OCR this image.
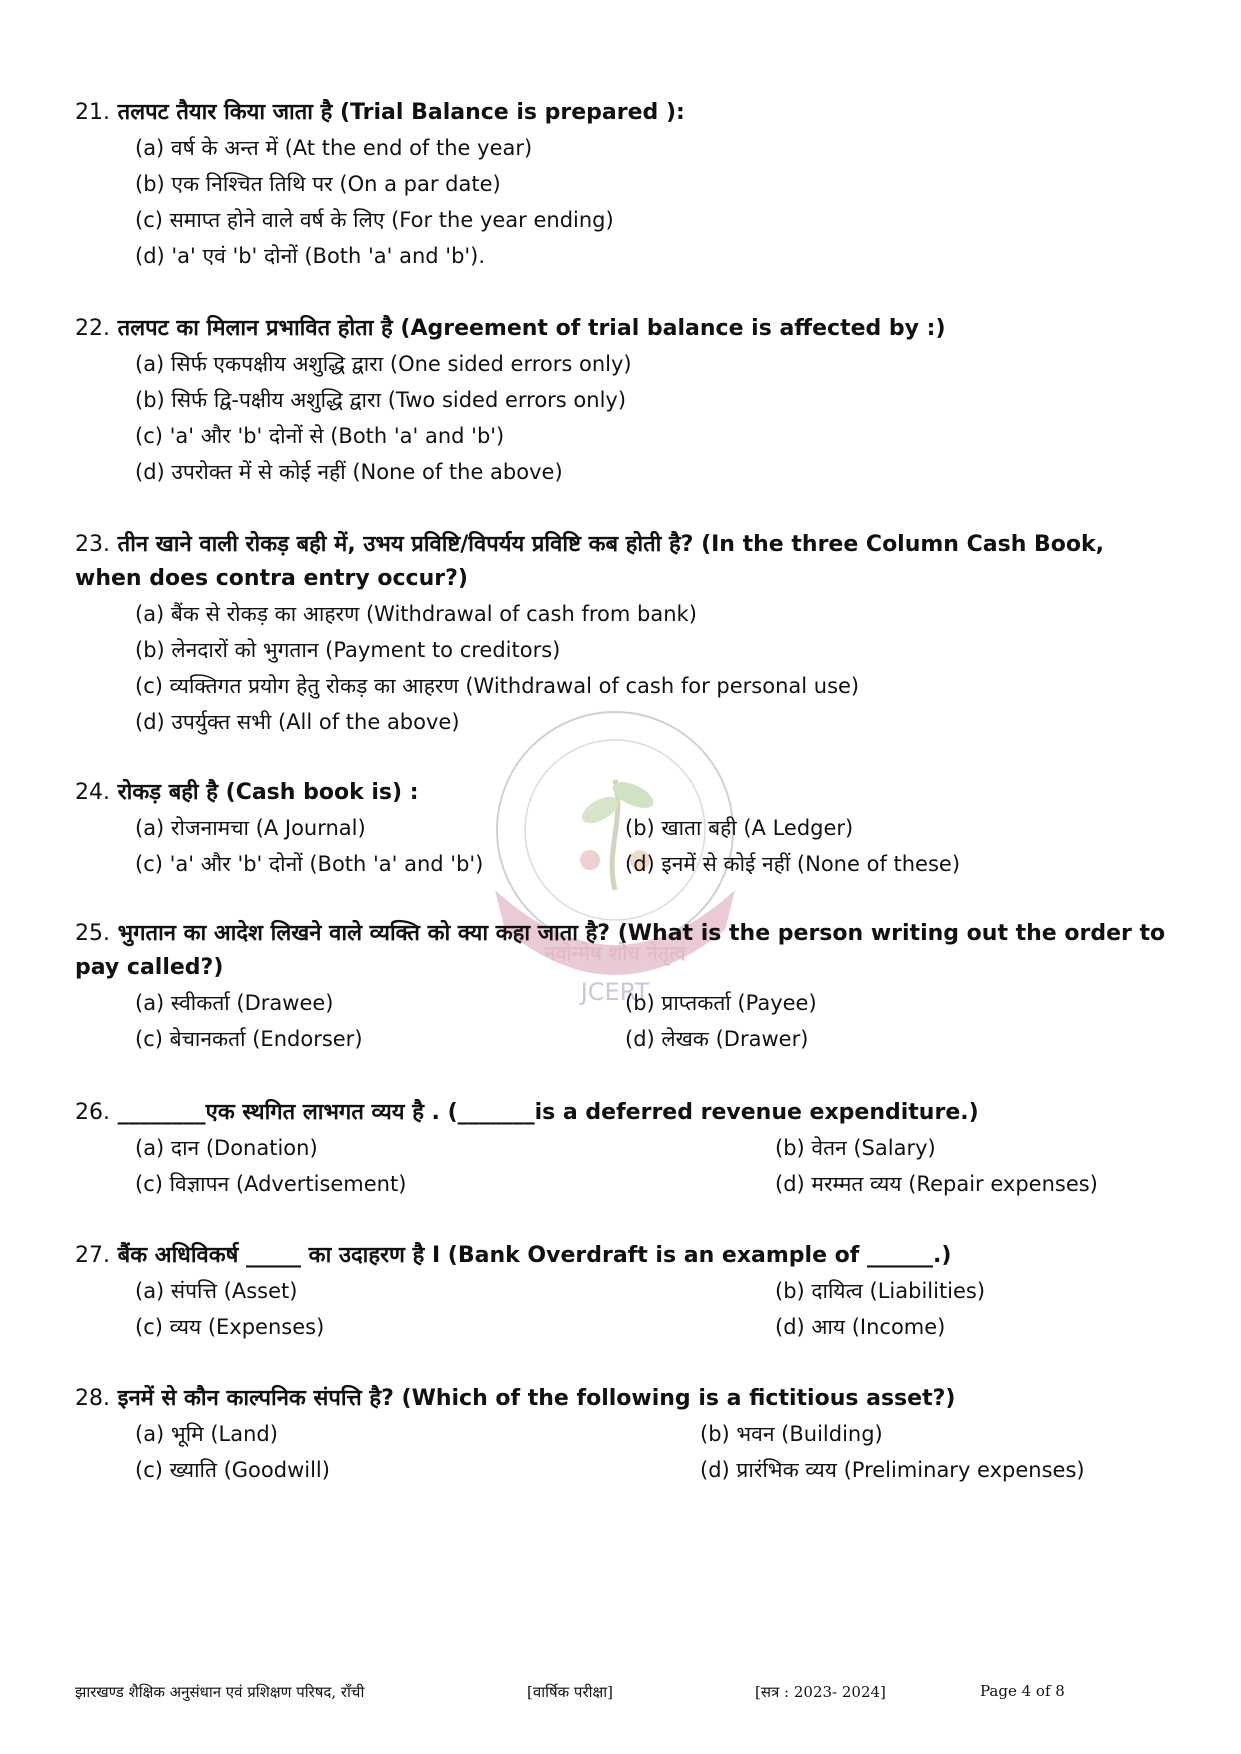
नवोन्मेष शोध नेतृत्व
JCERT
21. तलपट तैयार किया जाता है (Trial Balance is prepared ):
(a) वर्ष के अन्त में (At the end of the year)
(b) एक निश्चित तिथि पर (On a par date)
(c) समाप्त होने वाले वर्ष के लिए (For the year ending)
(d) 'a' एवं 'b' दोनों (Both 'a' and 'b').
22. तलपट का मिलान प्रभावित होता है (Agreement of trial balance is affected by :)
(a) सिर्फ एकपक्षीय अशुद्धि द्वारा (One sided errors only)
(b) सिर्फ द्वि-पक्षीय अशुद्धि द्वारा (Two sided errors only)
(c) 'a' और 'b' दोनों से (Both 'a' and 'b')
(d) उपरोक्त में से कोई नहीं (None of the above)
23. तीन खाने वाली रोकड़ बही में, उभय प्रविष्टि/विपर्यय प्रविष्टि कब होती है? (In the three Column Cash Book, when does contra entry occur?)
(a) बैंक से रोकड़ का आहरण (Withdrawal of cash from bank)
(b) लेनदारों को भुगतान (Payment to creditors)
(c) व्यक्तिगत प्रयोग हेतु रोकड़ का आहरण (Withdrawal of cash for personal use)
(d) उपर्युक्त सभी (All of the above)
24. रोकड़ बही है (Cash book is) :
(a) रोजनामचा (A Journal)	(b) खाता बही (A Ledger)
(c) 'a' और 'b' दोनों (Both 'a' and 'b')	(d) इनमें से कोई नहीं (None of these)
25. भुगतान का आदेश लिखने वाले व्यक्ति को क्या कहा जाता है? (What is the person writing out the order to pay called?)
(a) स्वीकर्ता (Drawee)	(b) प्राप्तकर्ता (Payee)
(c) बेचानकर्ता (Endorser)	(d) लेखक (Drawer)
26. ________एक स्थगित लाभगत व्यय है . (_______is a deferred revenue expenditure.)
(a) दान (Donation)	(b) वेतन (Salary)
(c) विज्ञापन (Advertisement)	(d) मरम्मत व्यय (Repair expenses)
27. बैंक अधिविकर्ष _____ का उदाहरण है I (Bank Overdraft is an example of ______.)
(a) संपत्ति (Asset)	(b) दायित्व (Liabilities)
(c) व्यय (Expenses)	(d) आय (Income)
28. इनमें से कौन काल्पनिक संपत्ति है? (Which of the following is a fictitious asset?)
(a) भूमि (Land)	(b) भवन (Building)
(c) ख्याति (Goodwill)	(d) प्रारंभिक व्यय (Preliminary expenses)
झारखण्ड शैक्षिक अनुसंधान एवं प्रशिक्षण परिषद, राँची	[वार्षिक परीक्षा]	[सत्र : 2023- 2024]	Page 4 of 8
